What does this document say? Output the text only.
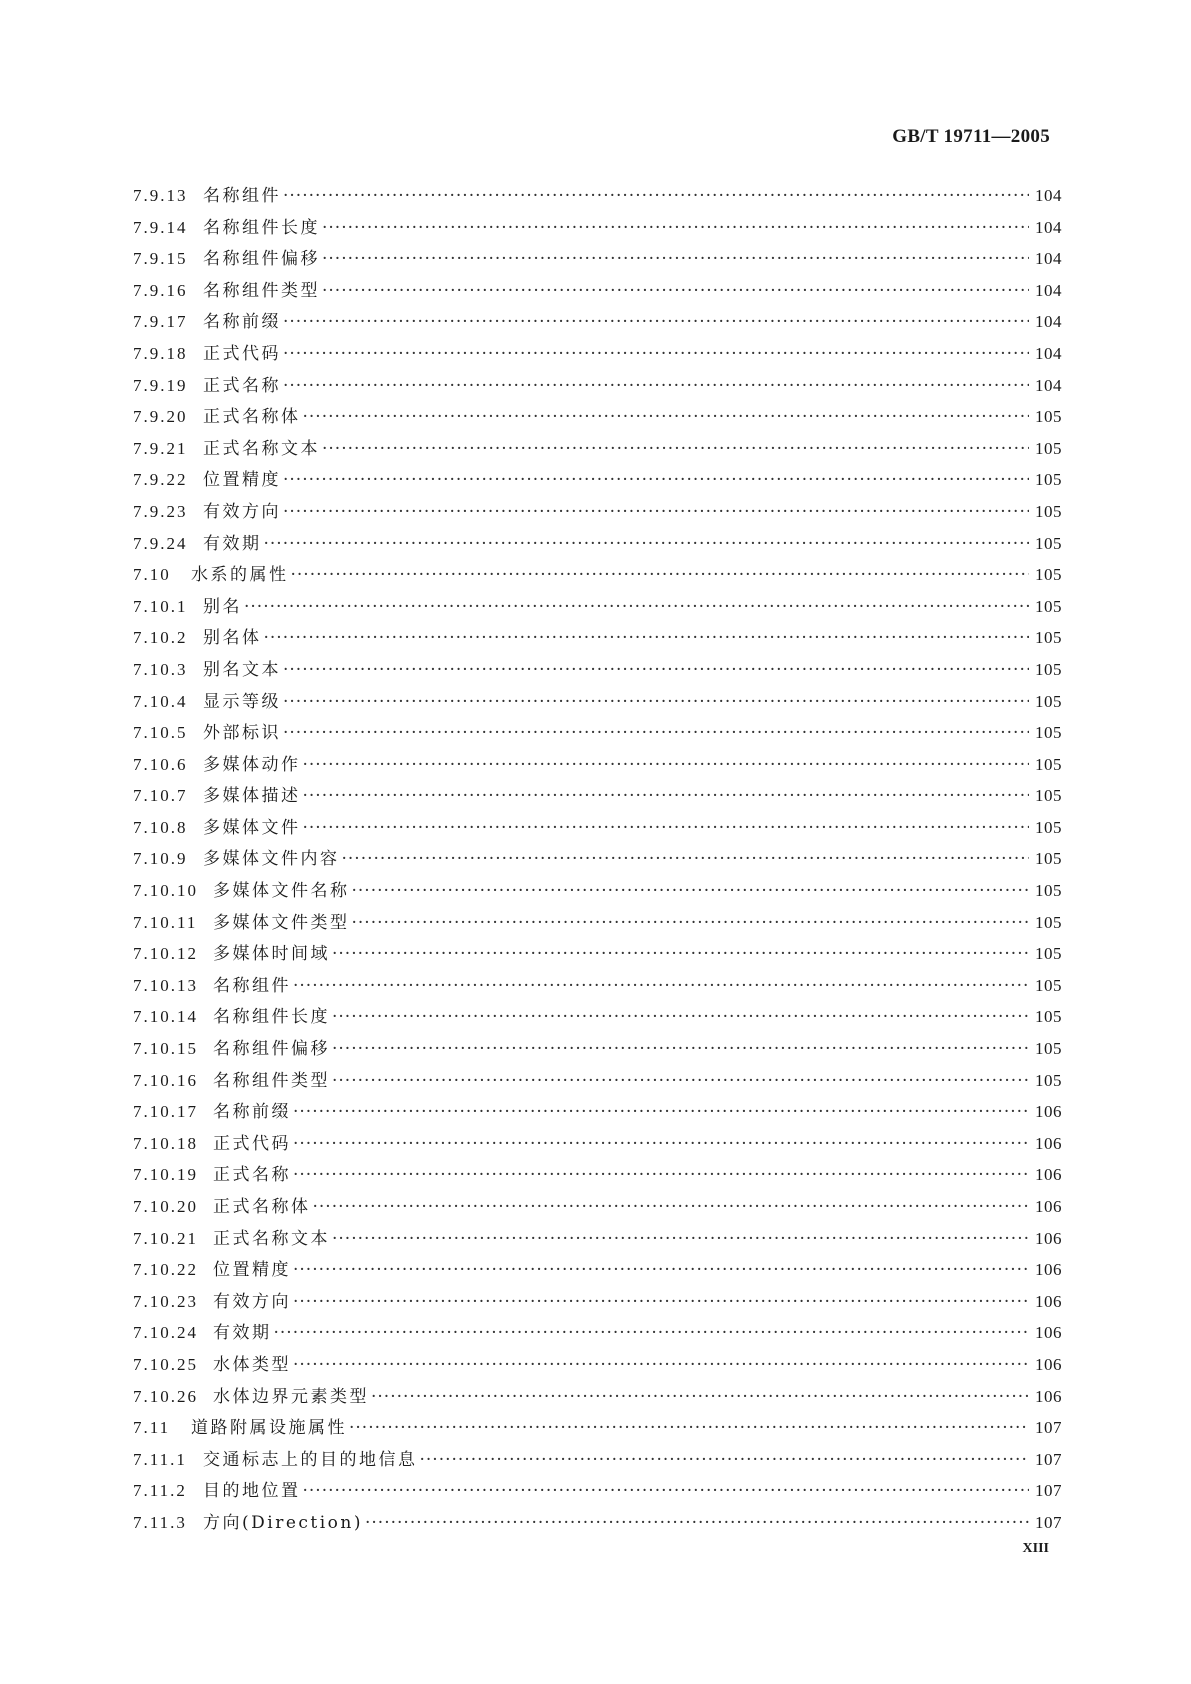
GB/T 19711—2005
7.9.13 名称组件 ·····	104
7.9.14 名称组件长度 ·····	104
7.9.15 名称组件偏移 ·····	104
7.9.16 名称组件类型 ·····	104
7.9.17 名称前缀 ·····	104
7.9.18 正式代码 ·····	104
7.9.19 正式名称 ·····	104
7.9.20 正式名称体 ·····	105
7.9.21 正式名称文本 ·····	105
7.9.22 位置精度 ·····	105
7.9.23 有效方向 ·····	105
7.9.24 有效期 ·····	105
7.10	水系的属性 ·····	105
7.10.1 别名 ·····	105
7.10.2 别名体 ·····	105
7.10.3 别名文本 ·····	105
7.10.4 显示等级 ·····	105
7.10.5 外部标识 ·····	105
7.10.6 多媒体动作 ·····	105
7.10.7 多媒体描述 ·····	105
7.10.8 多媒体文件 ·····	105
7.10.9 多媒体文件内容 ·····	105
7.10.10 多媒体文件名称 ·····	105
7.10.11 多媒体文件类型 ·····	105
7.10.12 多媒体时间域 ·····	105
7.10.13 名称组件 ·····	105
7.10.14 名称组件长度 ·····	105
7.10.15 名称组件偏移 ·····	105
7.10.16 名称组件类型 ·····	105
7.10.17 名称前缀 ·····	106
7.10.18 正式代码 ·····	106
7.10.19 正式名称 ·····	106
7.10.20 正式名称体 ·····	106
7.10.21 正式名称文本 ·····	106
7.10.22 位置精度 ·····	106
7.10.23 有效方向 ·····	106
7.10.24 有效期 ·····	106
7.10.25 水体类型 ·····	106
7.10.26 水体边界元素类型 ·····	106
7.11	道路附属设施属性 ·····	107
7.11.1 交通标志上的目的地信息 ·····	107
7.11.2 目的地位置 ·····	107
7.11.3 方向(Direction) ·····	107
XIII
